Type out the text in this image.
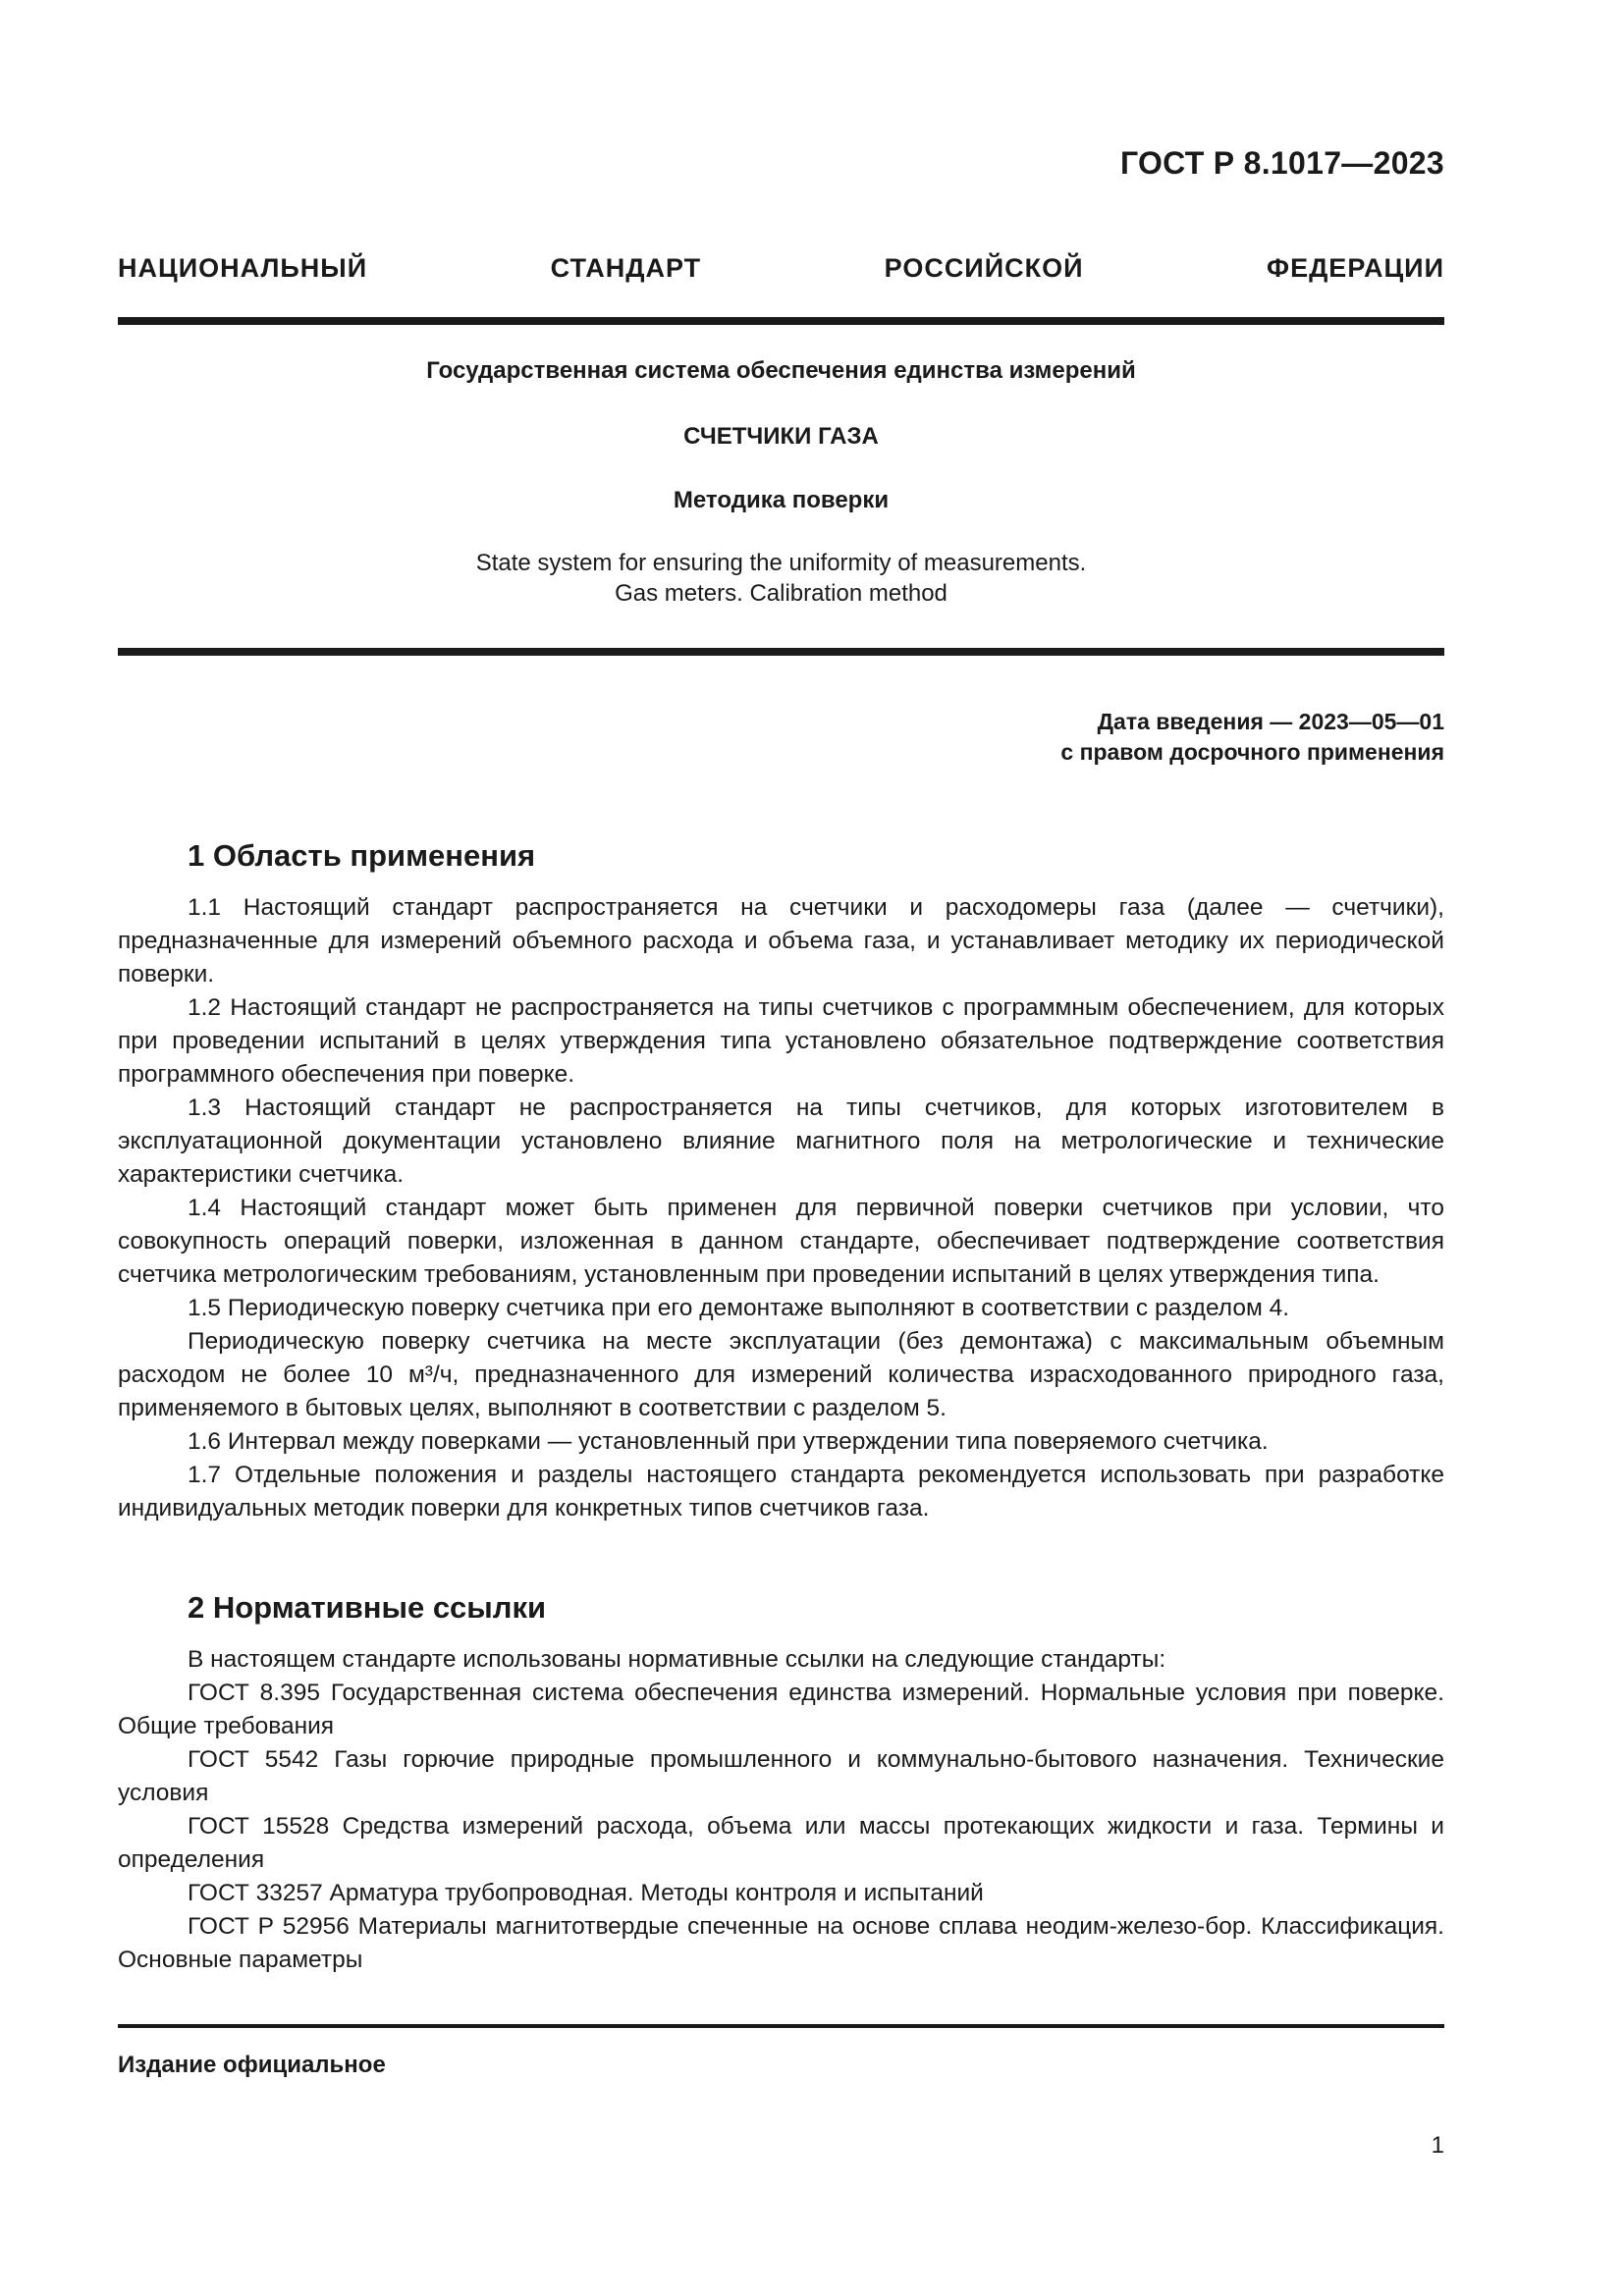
ГОСТ Р 8.1017—2023
НАЦИОНАЛЬНЫЙ СТАНДАРТ РОССИЙСКОЙ ФЕДЕРАЦИИ
Государственная система обеспечения единства измерений
СЧЕТЧИКИ ГАЗА
Методика поверки
State system for ensuring the uniformity of measurements.
Gas meters. Calibration method
Дата введения — 2023—05—01
с правом досрочного применения
1 Область применения

1.1 Настоящий стандарт распространяется на счетчики и расходомеры газа (далее — счетчики), предназначенные для измерений объемного расхода и объема газа, и устанавливает методику их периодической поверки.

1.2 Настоящий стандарт не распространяется на типы счетчиков с программным обеспечением, для которых при проведении испытаний в целях утверждения типа установлено обязательное подтверждение соответствия программного обеспечения при поверке.

1.3 Настоящий стандарт не распространяется на типы счетчиков, для которых изготовителем в эксплуатационной документации установлено влияние магнитного поля на метрологические и технические характеристики счетчика.

1.4 Настоящий стандарт может быть применен для первичной поверки счетчиков при условии, что совокупность операций поверки, изложенная в данном стандарте, обеспечивает подтверждение соответствия счетчика метрологическим требованиям, установленным при проведении испытаний в целях утверждения типа.

1.5 Периодическую поверку счетчика при его демонтаже выполняют в соответствии с разделом 4.

Периодическую поверку счетчика на месте эксплуатации (без демонтажа) с максимальным объемным расходом не более 10 м³/ч, предназначенного для измерений количества израсходованного природного газа, применяемого в бытовых целях, выполняют в соответствии с разделом 5.

1.6 Интервал между поверками — установленный при утверждении типа поверяемого счетчика.

1.7 Отдельные положения и разделы настоящего стандарта рекомендуется использовать при разработке индивидуальных методик поверки для конкретных типов счетчиков газа.

2 Нормативные ссылки

В настоящем стандарте использованы нормативные ссылки на следующие стандарты:

ГОСТ 8.395 Государственная система обеспечения единства измерений. Нормальные условия при поверке. Общие требования

ГОСТ 5542 Газы горючие природные промышленного и коммунально-бытового назначения. Технические условия

ГОСТ 15528 Средства измерений расхода, объема или массы протекающих жидкости и газа. Термины и определения

ГОСТ 33257 Арматура трубопроводная. Методы контроля и испытаний

ГОСТ Р 52956 Материалы магнитотвердые спеченные на основе сплава неодим-железо-бор. Классификация. Основные параметры

Издание официальное
1
